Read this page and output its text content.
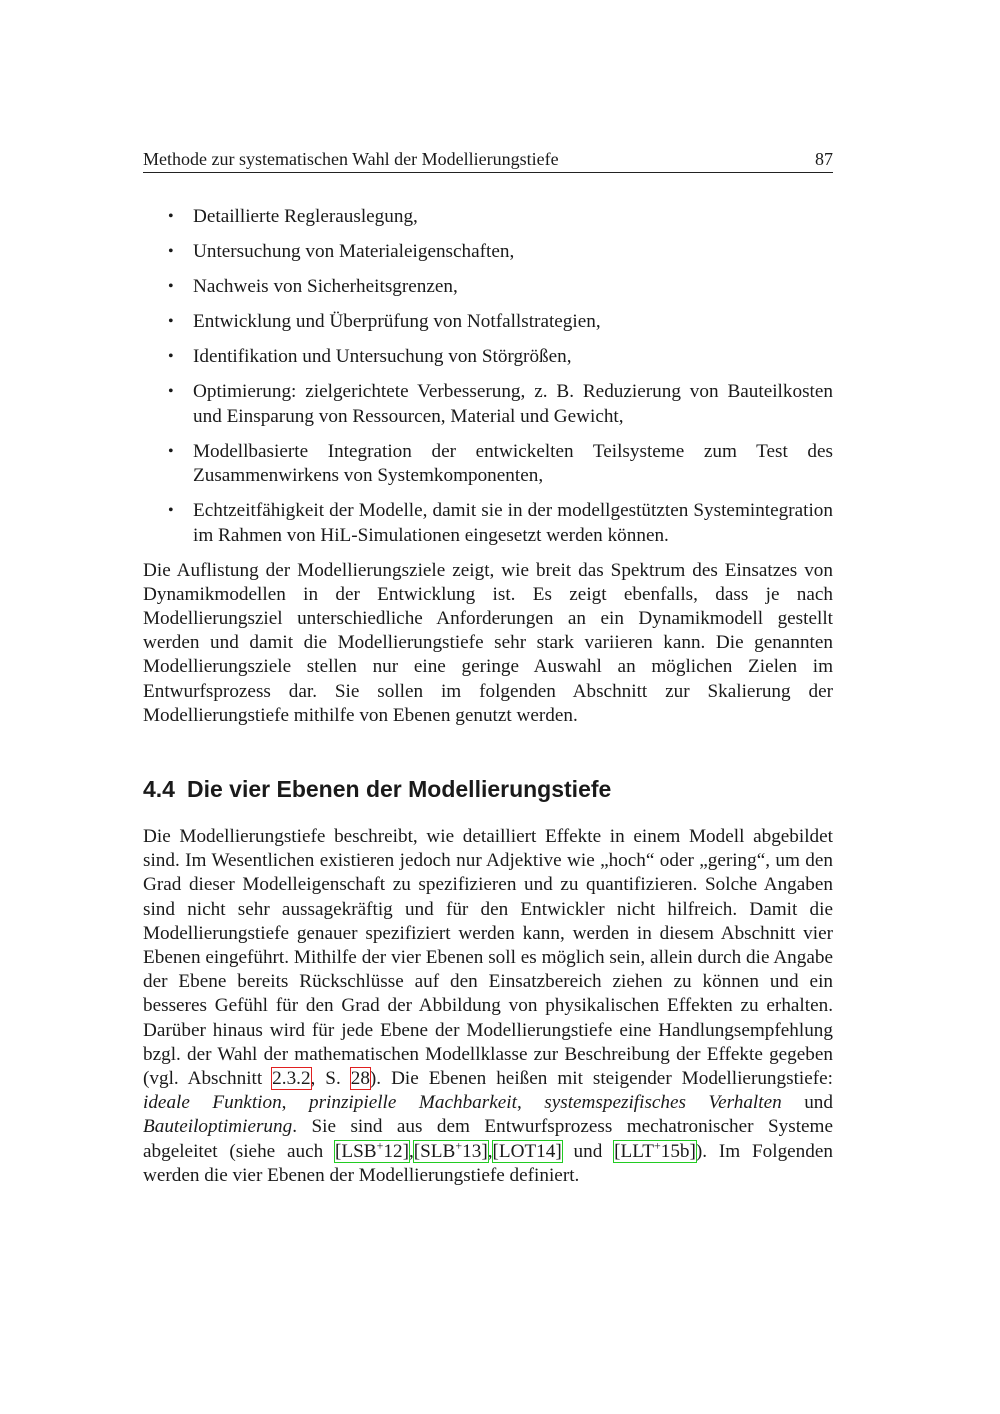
Methode zur systematischen Wahl der Modellierungstiefe	87
• Detaillierte Reglerauslegung,
• Untersuchung von Materialeigenschaften,
• Nachweis von Sicherheitsgrenzen,
• Entwicklung und Überprüfung von Notfallstrategien,
• Identifikation und Untersuchung von Störgrößen,
• Optimierung: zielgerichtete Verbesserung, z. B. Reduzierung von Bauteilkosten und Einsparung von Ressourcen, Material und Gewicht,
• Modellbasierte Integration der entwickelten Teilsysteme zum Test des Zusammenwirkens von Systemkomponenten,
• Echtzeitfähigkeit der Modelle, damit sie in der modellgestützten Systemintegration im Rahmen von HiL-Simulationen eingesetzt werden können.

Die Auflistung der Modellierungsziele zeigt, wie breit das Spektrum des Einsatzes von Dynamikmodellen in der Entwicklung ist. Es zeigt ebenfalls, dass je nach Modellierungsziel unterschiedliche Anforderungen an ein Dynamikmodell gestellt werden und damit die Modellierungstiefe sehr stark variieren kann. Die genannten Modellierungsziele stellen nur eine geringe Auswahl an möglichen Zielen im Entwurfsprozess dar. Sie sollen im folgenden Abschnitt zur Skalierung der Modellierungstiefe mithilfe von Ebenen genutzt werden.

4.4 Die vier Ebenen der Modellierungstiefe

Die Modellierungstiefe beschreibt, wie detailliert Effekte in einem Modell abgebildet sind. Im Wesentlichen existieren jedoch nur Adjektive wie „hoch“ oder „gering“, um den Grad dieser Modelleigenschaft zu spezifizieren und zu quantifizieren. Solche Angaben sind nicht sehr aussagekräftig und für den Entwickler nicht hilfreich. Damit die Modellierungstiefe genauer spezifiziert werden kann, werden in diesem Abschnitt vier Ebenen eingeführt. Mithilfe der vier Ebenen soll es möglich sein, allein durch die Angabe der Ebene bereits Rückschlüsse auf den Einsatzbereich ziehen zu können und ein besseres Gefühl für den Grad der Abbildung von physikalischen Effekten zu erhalten. Darüber hinaus wird für jede Ebene der Modellierungstiefe eine Handlungsempfehlung bzgl. der Wahl der mathematischen Modellklasse zur Beschreibung der Effekte gegeben (vgl. Abschnitt 2.3.2, S. 28). Die Ebenen heißen mit steigender Modellierungstiefe: ideale Funktion, prinzipielle Machbarkeit, systemspezifisches Verhalten und Bauteiloptimierung. Sie sind aus dem Entwurfsprozess mechatronischer Systeme abgeleitet (siehe auch [LSB+12],[SLB+13],[LOT14] und [LLT+15b]). Im Folgenden werden die vier Ebenen der Modellierungstiefe definiert.
